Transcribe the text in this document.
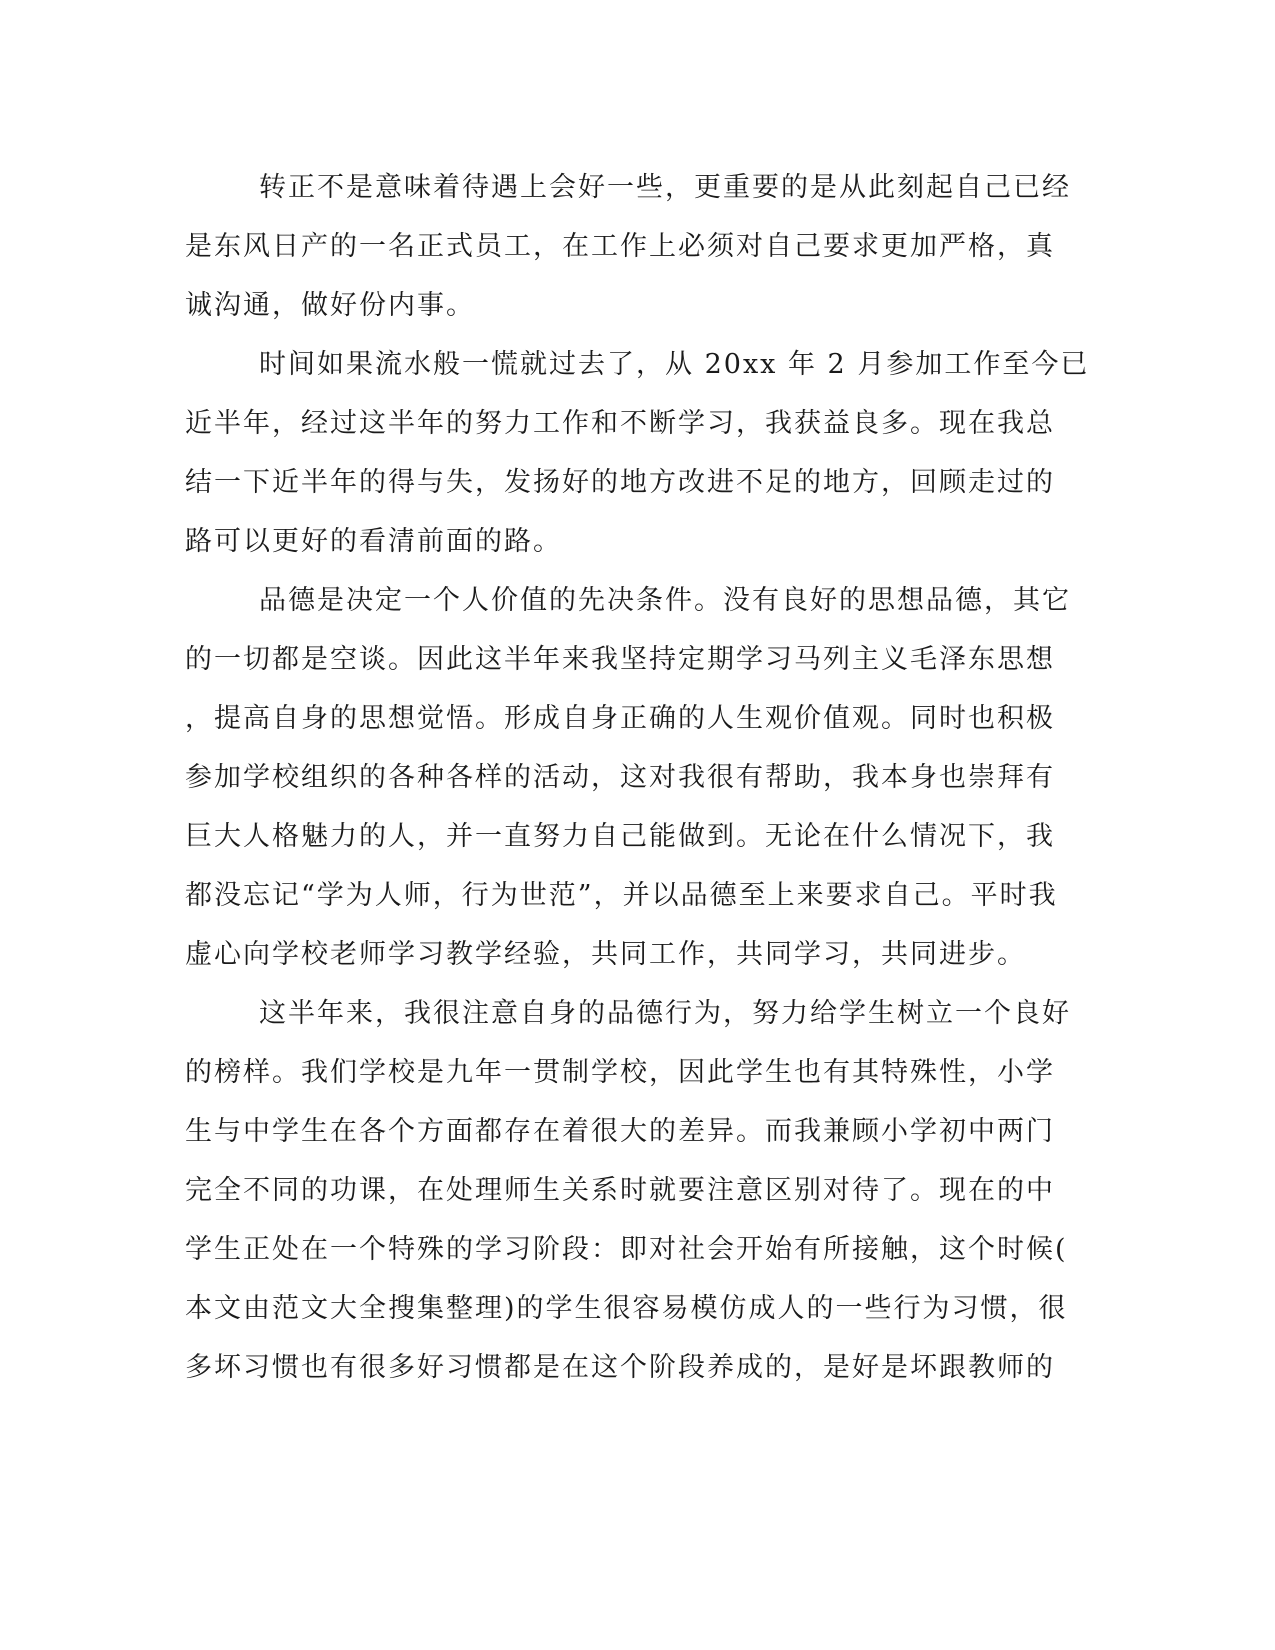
转正不是意味着待遇上会好一些，更重要的是从此刻起自己已经
是东风日产的一名正式员工，在工作上必须对自己要求更加严格，真
诚沟通，做好份内事。
时间如果流水般一慌就过去了，从 20xx 年 2 月参加工作至今已
近半年，经过这半年的努力工作和不断学习，我获益良多。现在我总
结一下近半年的得与失，发扬好的地方改进不足的地方，回顾走过的
路可以更好的看清前面的路。
品德是决定一个人价值的先决条件。没有良好的思想品德，其它
的一切都是空谈。因此这半年来我坚持定期学习马列主义毛泽东思想
，提高自身的思想觉悟。形成自身正确的人生观价值观。同时也积极
参加学校组织的各种各样的活动，这对我很有帮助，我本身也崇拜有
巨大人格魅力的人，并一直努力自己能做到。无论在什么情况下，我
都没忘记“学为人师，行为世范”，并以品德至上来要求自己。平时我
虚心向学校老师学习教学经验，共同工作，共同学习，共同进步。
这半年来，我很注意自身的品德行为，努力给学生树立一个良好
的榜样。我们学校是九年一贯制学校，因此学生也有其特殊性，小学
生与中学生在各个方面都存在着很大的差异。而我兼顾小学初中两门
完全不同的功课，在处理师生关系时就要注意区别对待了。现在的中
学生正处在一个特殊的学习阶段：即对社会开始有所接触，这个时候(
本文由范文大全搜集整理)的学生很容易模仿成人的一些行为习惯，很
多坏习惯也有很多好习惯都是在这个阶段养成的，是好是坏跟教师的
